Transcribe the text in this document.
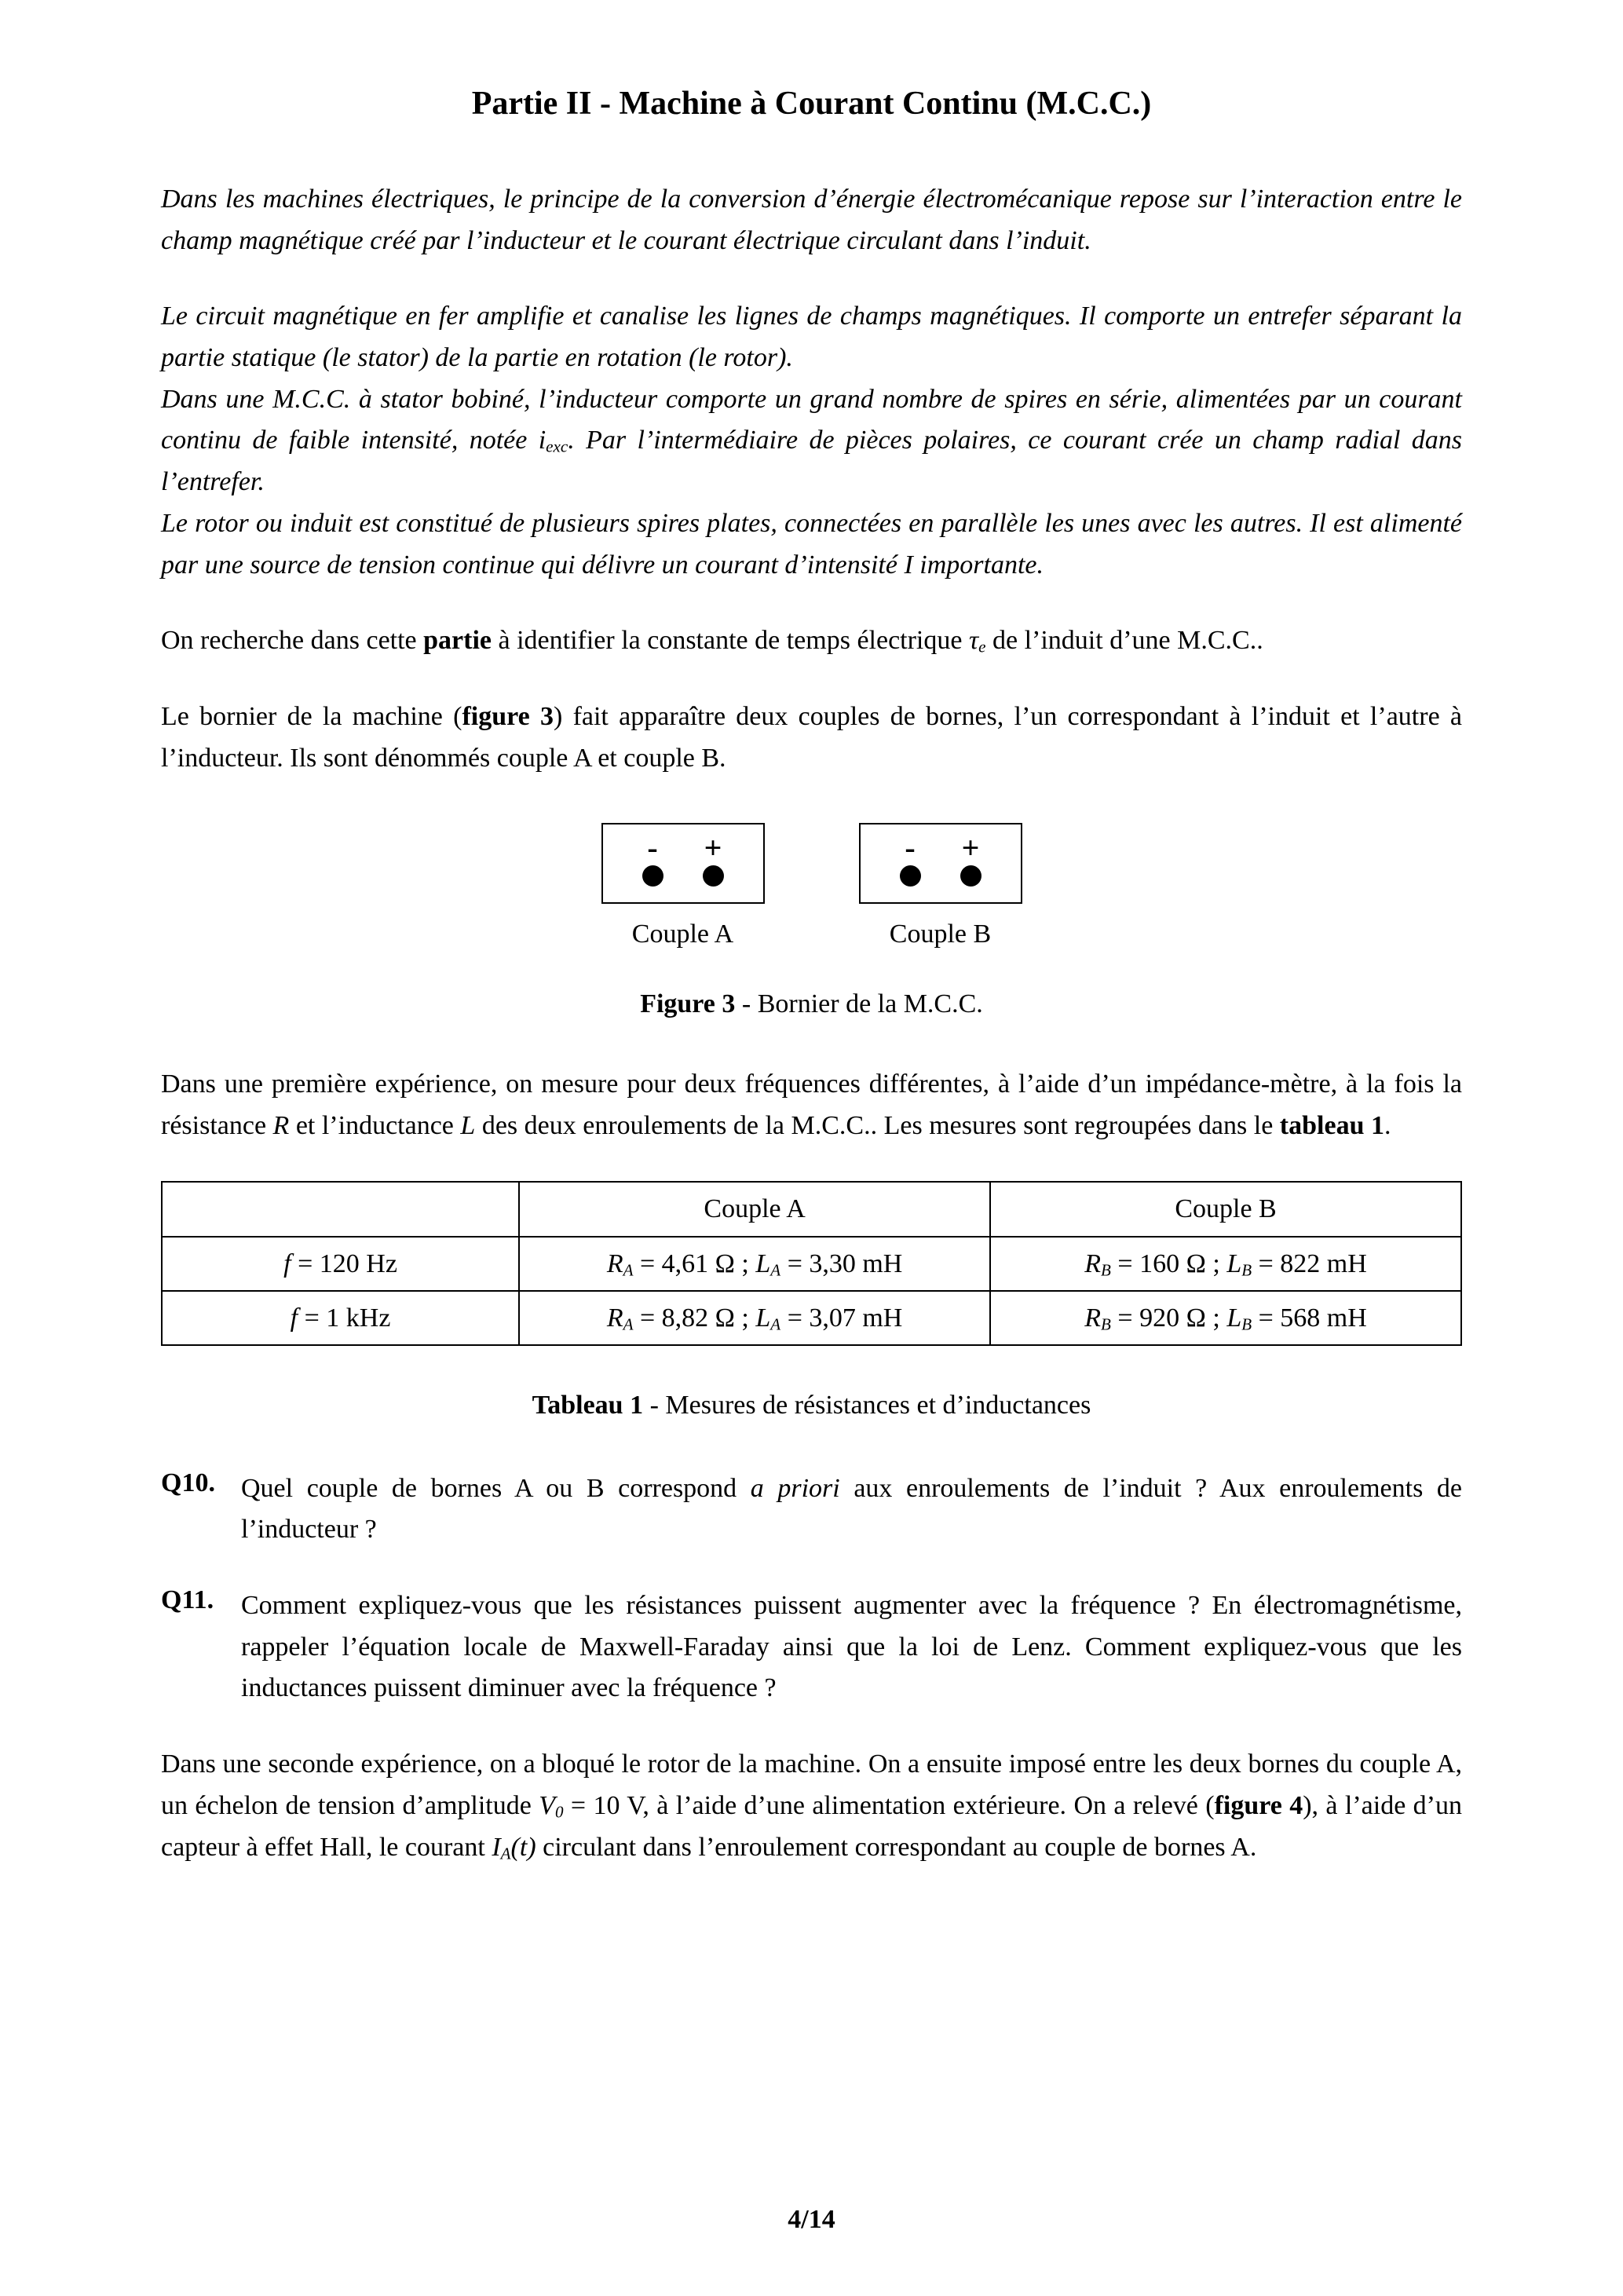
Partie II - Machine à Courant Continu (M.C.C.)

Dans les machines électriques, le principe de la conversion d’énergie électromécanique repose sur l’interaction entre le champ magnétique créé par l’inducteur et le courant électrique circulant dans l’induit.

Le circuit magnétique en fer amplifie et canalise les lignes de champs magnétiques. Il comporte un entrefer séparant la partie statique (le stator) de la partie en rotation (le rotor).

Dans une M.C.C. à stator bobiné, l’inducteur comporte un grand nombre de spires en série, alimentées par un courant continu de faible intensité, notée iexc. Par l’intermédiaire de pièces polaires, ce courant crée un champ radial dans l’entrefer.

Le rotor ou induit est constitué de plusieurs spires plates, connectées en parallèle les unes avec les autres. Il est alimenté par une source de tension continue qui délivre un courant d’intensité I importante.

On recherche dans cette partie à identifier la constante de temps électrique τe de l’induit d’une M.C.C..

Le bornier de la machine (figure 3) fait apparaître deux couples de bornes, l’un correspondant à l’induit et l’autre à l’inducteur. Ils sont dénommés couple A et couple B.

- +
Couple A
- +
Couple B

Figure 3 - Bornier de la M.C.C.

Dans une première expérience, on mesure pour deux fréquences différentes, à l’aide d’un impédance-mètre, à la fois la résistance R et l’inductance L des deux enroulements de la M.C.C.. Les mesures sont regroupées dans le tableau 1.

	Couple A	Couple B
f = 120 Hz	RA = 4,61 Ω ; LA = 3,30 mH	RB = 160 Ω ; LB = 822 mH
f = 1 kHz	RA = 8,82 Ω ; LA = 3,07 mH	RB = 920 Ω ; LB = 568 mH

Tableau 1 - Mesures de résistances et d’inductances

Q10. Quel couple de bornes A ou B correspond a priori aux enroulements de l’induit ? Aux enroulements de l’inducteur ?

Q11.	Comment expliquez-vous que les résistances puissent augmenter avec la fréquence ? En électromagnétisme, rappeler l’équation locale de Maxwell-Faraday ainsi que la loi de Lenz. Comment expliquez-vous que les inductances puissent diminuer avec la fréquence ?

Dans une seconde expérience, on a bloqué le rotor de la machine. On a ensuite imposé entre les deux bornes du couple A, un échelon de tension d’amplitude V0 = 10 V, à l’aide d’une alimentation extérieure. On a relevé (figure 4), à l’aide d’un capteur à effet Hall, le courant IA(t) circulant dans l’enroulement correspondant au couple de bornes A.

4/14
